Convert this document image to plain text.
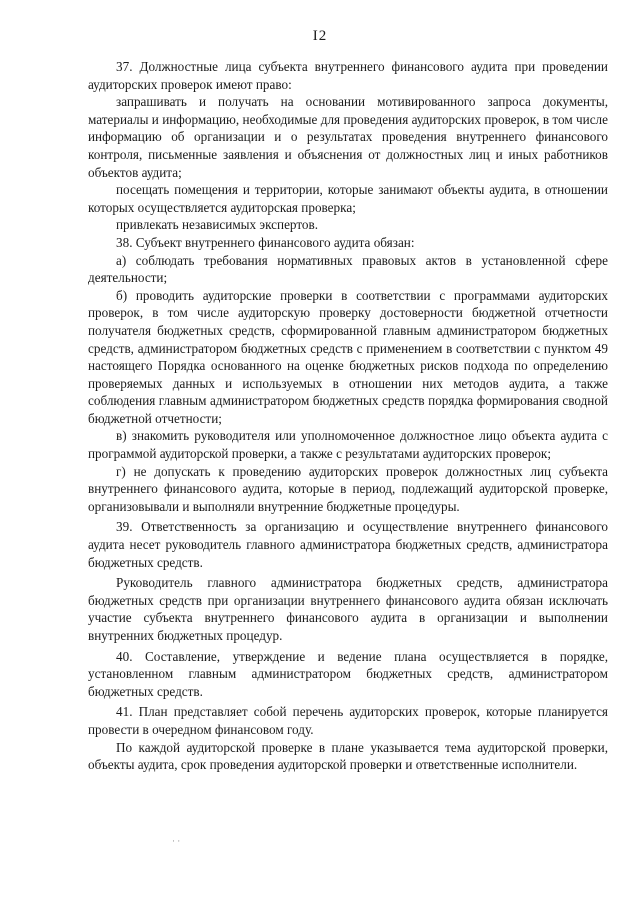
I2

37. Должностные лица субъекта внутреннего финансового аудита при проведении аудиторских проверок имеют право:

запрашивать и получать на основании мотивированного запроса документы, материалы и информацию, необходимые для проведения аудиторских проверок, в том числе информацию об организации и о результатах проведения внутреннего финансового контроля, письменные заявления и объяснения от должностных лиц и иных работников объектов аудита;

посещать помещения и территории, которые занимают объекты аудита, в отношении которых осуществляется аудиторская проверка;

привлекать независимых экспертов.

38. Субъект внутреннего финансового аудита обязан:

а) соблюдать требования нормативных правовых актов в установленной сфере деятельности;

б) проводить аудиторские проверки в соответствии с программами аудиторских проверок, в том числе аудиторскую проверку достоверности бюджетной отчетности получателя бюджетных средств, сформированной главным администратором бюджетных средств, администратором бюджетных средств с применением в соответствии с пунктом 49 настоящего Порядка основанного на оценке бюджетных рисков подхода по определению проверяемых данных и используемых в отношении них методов аудита, а также соблюдения главным администратором бюджетных средств порядка формирования сводной бюджетной отчетности;

в) знакомить руководителя или уполномоченное должностное лицо объекта аудита с программой аудиторской проверки, а также с результатами аудиторских проверок;

г) не допускать к проведению аудиторских проверок должностных лиц субъекта внутреннего финансового аудита, которые в период, подлежащий аудиторской проверке, организовывали и выполняли внутренние бюджетные процедуры.

39. Ответственность за организацию и осуществление внутреннего финансового аудита несет руководитель главного администратора бюджетных средств, администратора бюджетных средств.

Руководитель главного администратора бюджетных средств, администратора бюджетных средств при организации внутреннего финансового аудита обязан исключать участие субъекта внутреннего финансового аудита в организации и выполнении внутренних бюджетных процедур.

40. Составление, утверждение и ведение плана осуществляется в порядке, установленном главным администратором бюджетных средств, администратором бюджетных средств.

41. План представляет собой перечень аудиторских проверок, которые планируется провести в очередном финансовом году.

По каждой аудиторской проверке в плане указывается тема аудиторской проверки, объекты аудита, срок проведения аудиторской проверки и ответственные исполнители.

· ·
